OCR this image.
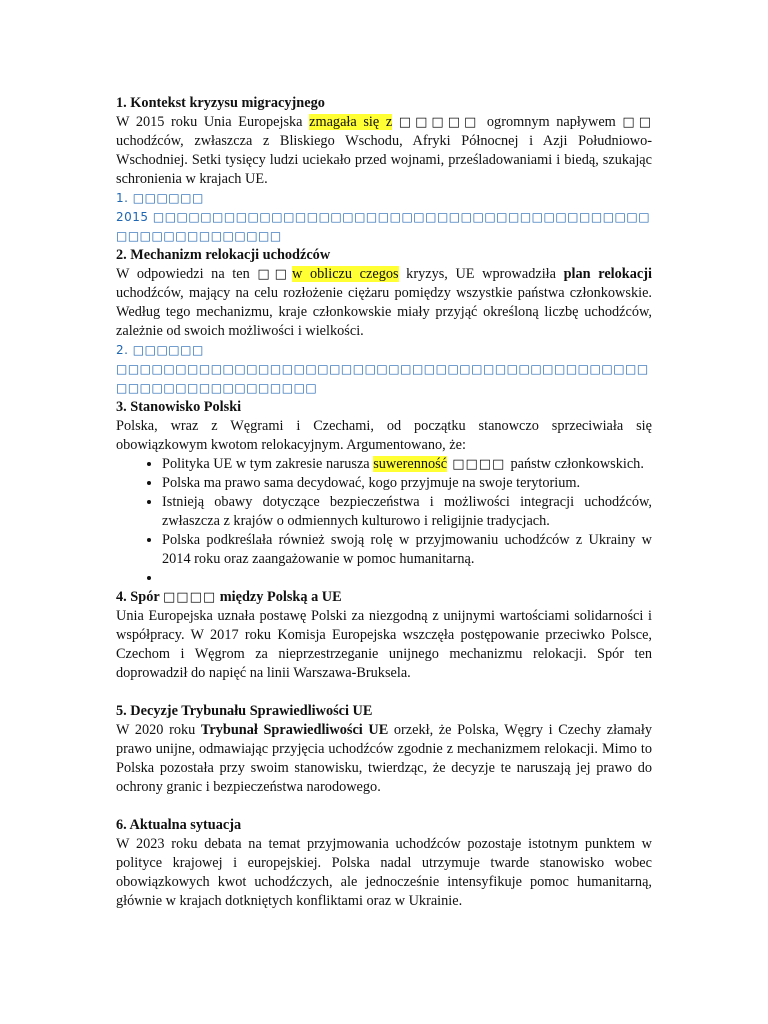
1. Kontekst kryzysu migracyjnego

W 2015 roku Unia Europejska zmagała się z □□□□□ ogromnym napływem □□ uchodźców, zwłaszcza z Bliskiego Wschodu, Afryki Północnej i Azji Południowo-Wschodniej. Setki tysięcy ludzi uciekało przed wojnami, prześladowaniami i biedą, szukając schronienia w krajach UE.

1. □□□□□□

2015 □□□□□□□□□□□□□□□□□□□□□□□□□□□□□□□□□□□□□□□□□□□□□□□□□□□□□□□□

2. Mechanizm relokacji uchodźców

W odpowiedzi na ten □□w obliczu czegos kryzys, UE wprowadziła plan relokacji uchodźców, mający na celu rozłożenie ciężaru pomiędzy wszystkie państwa członkowskie. Według tego mechanizmu, kraje członkowskie miały przyjąć określoną liczbę uchodźców, zależnie od swoich możliwości i wielkości.

2. □□□□□□

□□□□□□□□□□□□□□□□□□□□□□□□□□□□□□□□□□□□□□□□□□□□□□□□□□□□□□□□□□□□□□

3. Stanowisko Polski

Polska, wraz z Węgrami i Czechami, od początku stanowczo sprzeciwiała się obowiązkowym kwotom relokacyjnym. Argumentowano, że:

• Polityka UE w tym zakresie narusza suwerenność □□□□ państw członkowskich.
• Polska ma prawo sama decydować, kogo przyjmuje na swoje terytorium.
• Istnieją obawy dotyczące bezpieczeństwa i możliwości integracji uchodźców, zwłaszcza z krajów o odmiennych kulturowo i religijnie tradycjach.
• Polska podkreślała również swoją rolę w przyjmowaniu uchodźców z Ukrainy w 2014 roku oraz zaangażowanie w pomoc humanitarną.
•

4. Spór □□□□ między Polską a UE

Unia Europejska uznała postawę Polski za niezgodną z unijnymi wartościami solidarności i współpracy. W 2017 roku Komisja Europejska wszczęła postępowanie przeciwko Polsce, Czechom i Węgrom za nieprzestrzeganie unijnego mechanizmu relokacji. Spór ten doprowadził do napięć na linii Warszawa-Bruksela.

5. Decyzje Trybunału Sprawiedliwości UE

W 2020 roku Trybunał Sprawiedliwości UE orzekł, że Polska, Węgry i Czechy złamały prawo unijne, odmawiając przyjęcia uchodźców zgodnie z mechanizmem relokacji. Mimo to Polska pozostała przy swoim stanowisku, twierdząc, że decyzje te naruszają jej prawo do ochrony granic i bezpieczeństwa narodowego.

6. Aktualna sytuacja

W 2023 roku debata na temat przyjmowania uchodźców pozostaje istotnym punktem w polityce krajowej i europejskiej. Polska nadal utrzymuje twarde stanowisko wobec obowiązkowych kwot uchodźczych, ale jednocześnie intensyfikuje pomoc humanitarną, głównie w krajach dotkniętych konfliktami oraz w Ukrainie.
